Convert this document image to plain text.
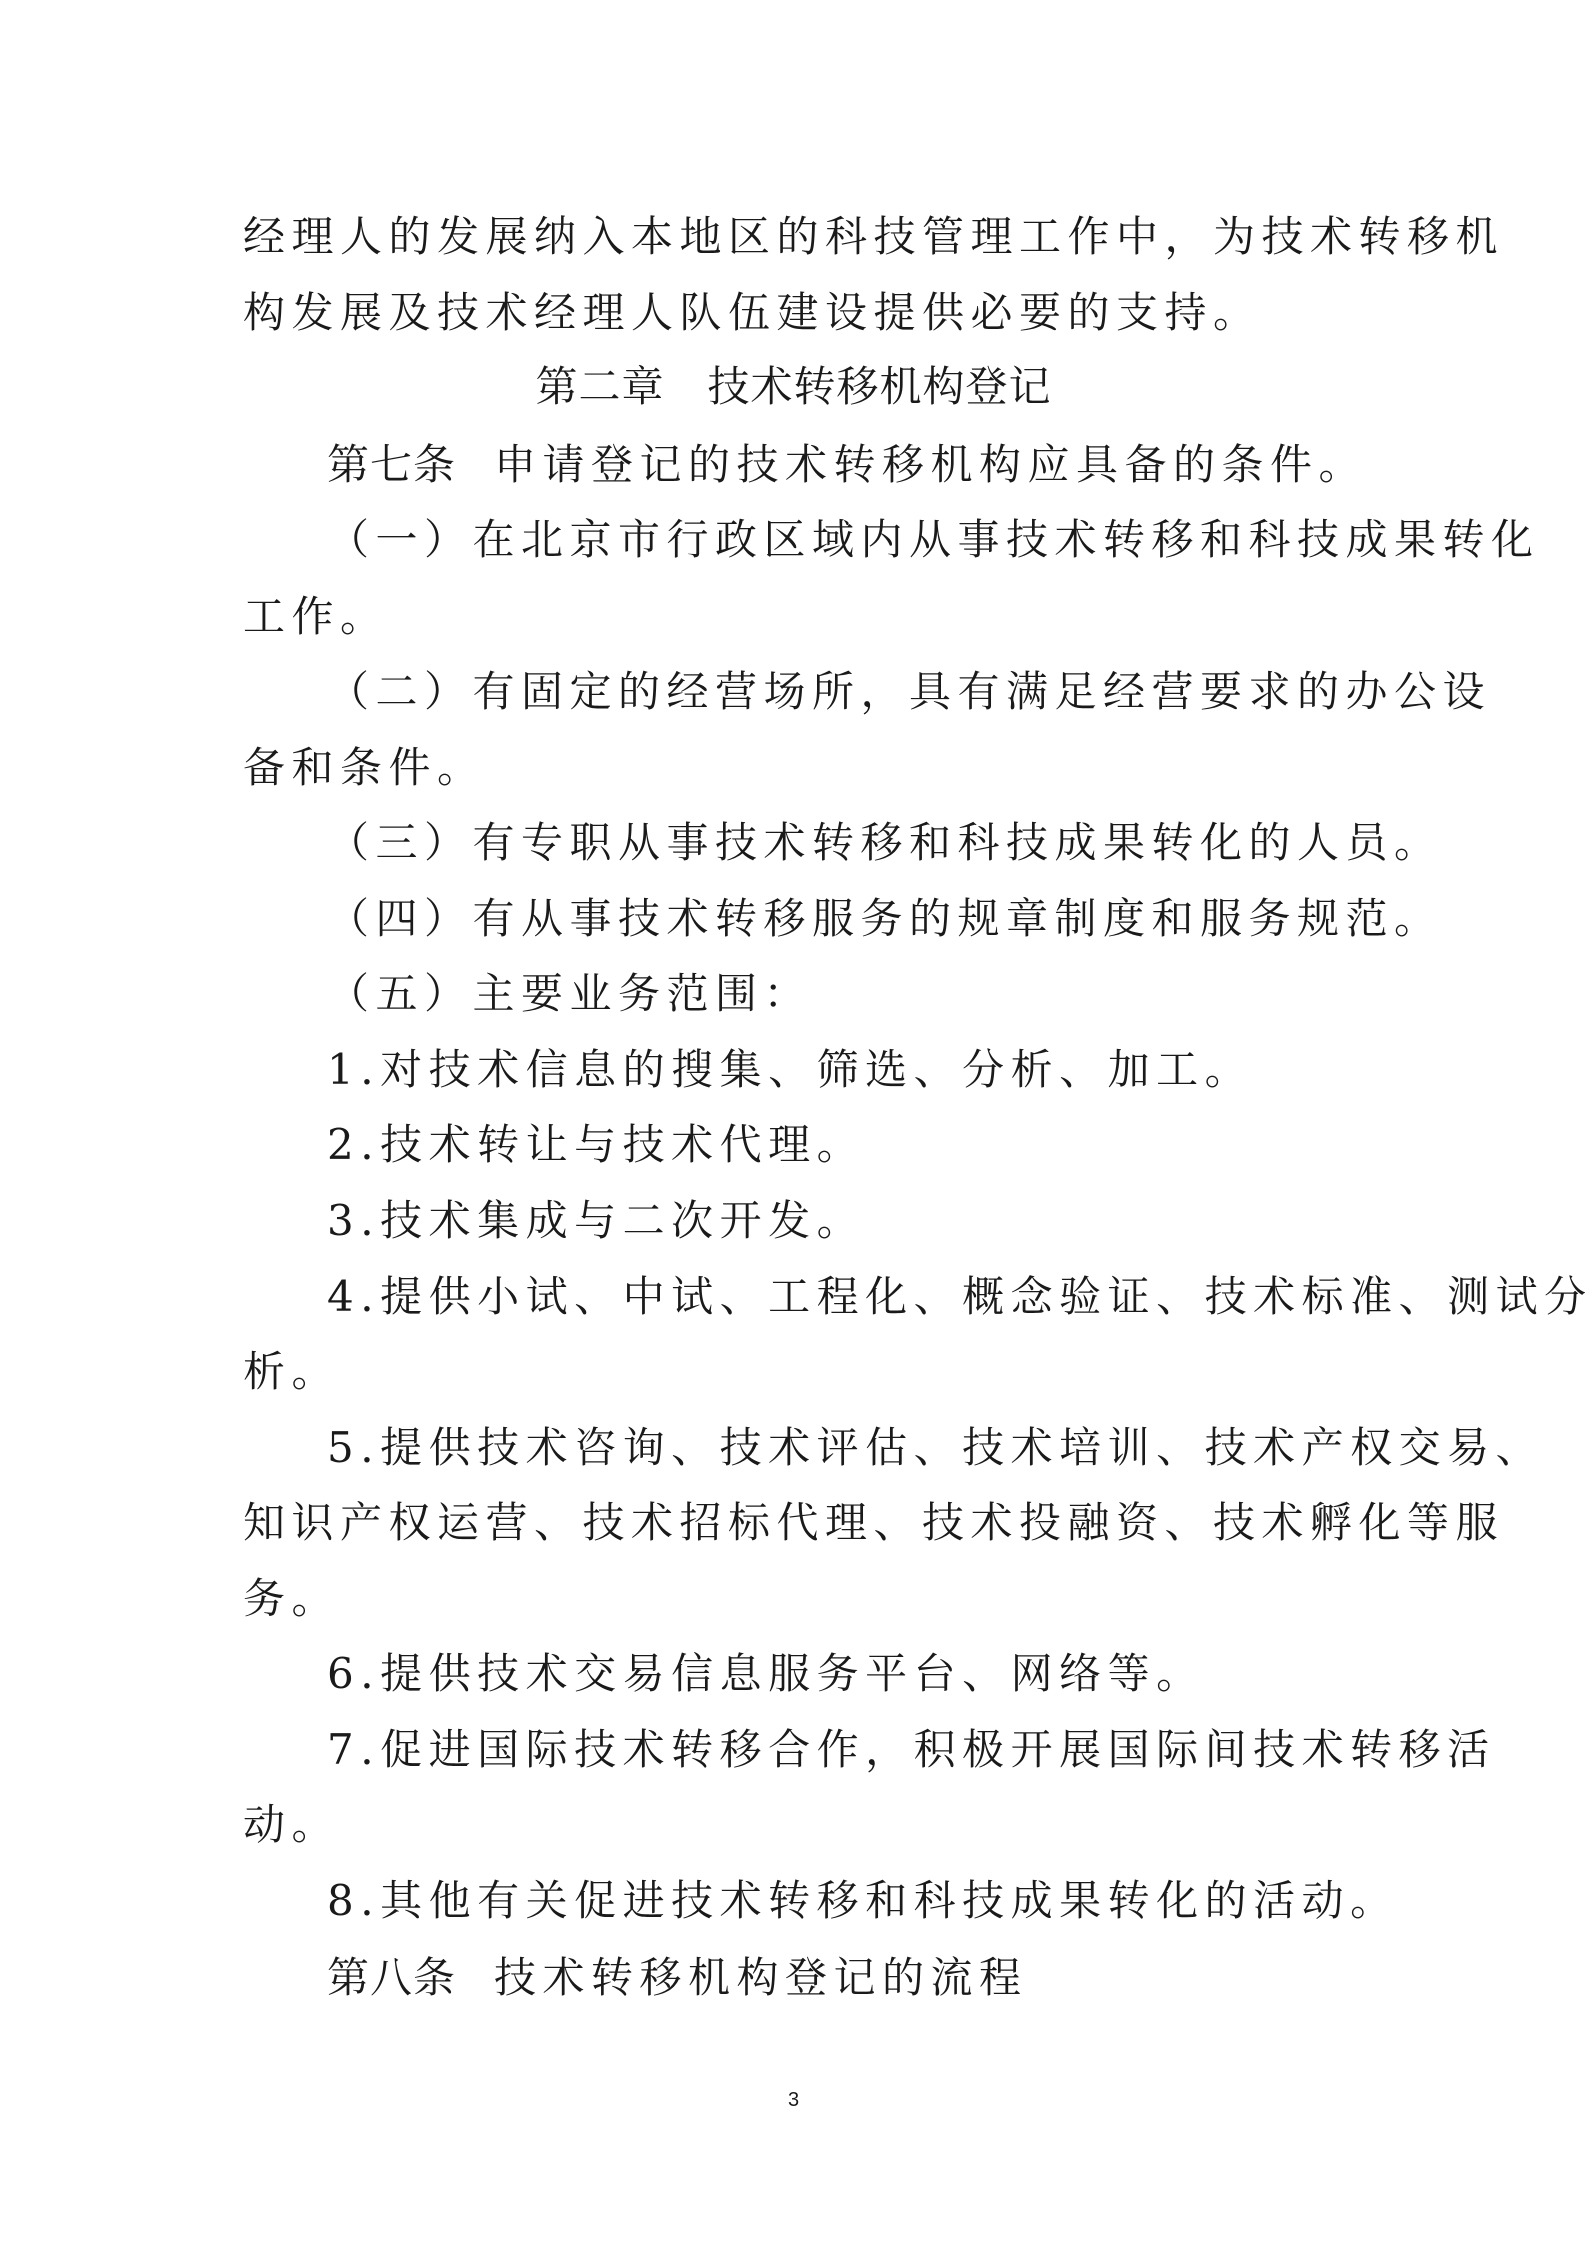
经理人的发展纳入本地区的科技管理工作中，为技术转移机
构发展及技术经理人队伍建设提供必要的支持。
第二章　技术转移机构登记
第七条 申请登记的技术转移机构应具备的条件。
（一）在北京市行政区域内从事技术转移和科技成果转化
工作。
（二）有固定的经营场所，具有满足经营要求的办公设
备和条件。
（三）有专职从事技术转移和科技成果转化的人员。
（四）有从事技术转移服务的规章制度和服务规范。
（五）主要业务范围：
1.对技术信息的搜集、筛选、分析、加工。
2.技术转让与技术代理。
3.技术集成与二次开发。
4.提供小试、中试、工程化、概念验证、技术标准、测试分
析。
5.提供技术咨询、技术评估、技术培训、技术产权交易、
知识产权运营、技术招标代理、技术投融资、技术孵化等服
务。
6.提供技术交易信息服务平台、网络等。
7.促进国际技术转移合作，积极开展国际间技术转移活
动。
8.其他有关促进技术转移和科技成果转化的活动。
第八条 技术转移机构登记的流程
3
